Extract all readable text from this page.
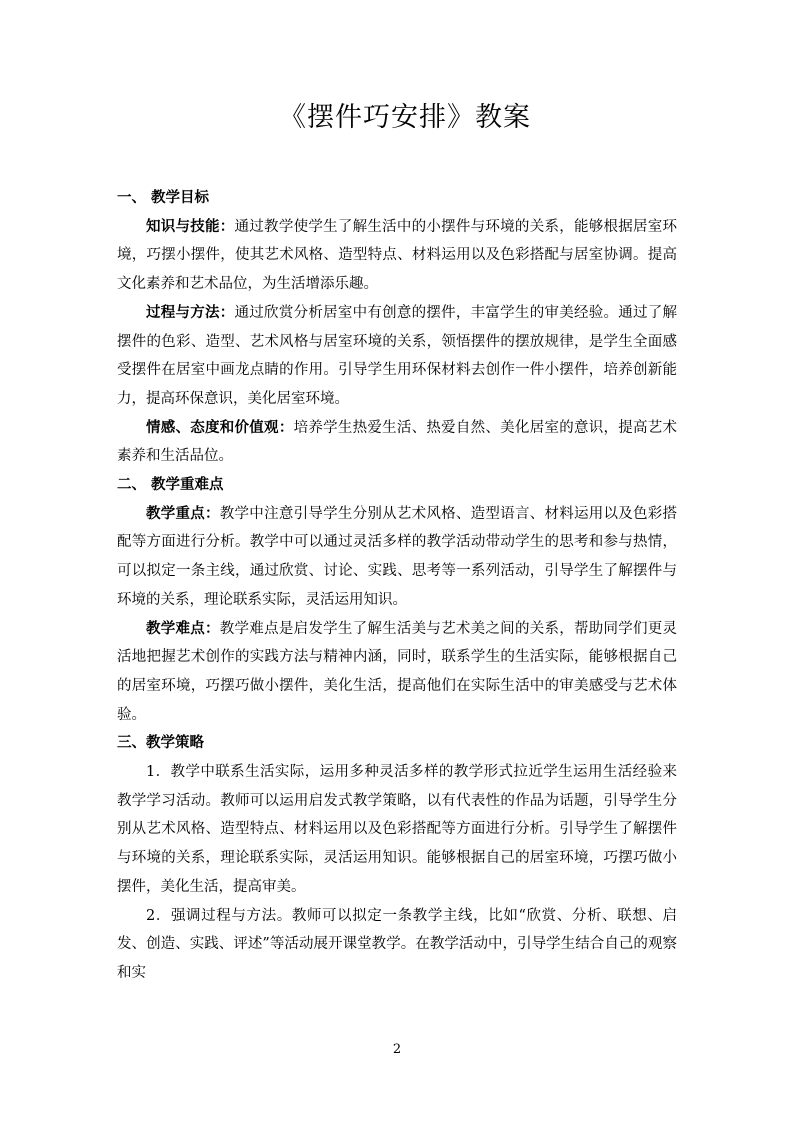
《摆件巧安排》教案
一、 教学目标
知识与技能：通过教学使学生了解生活中的小摆件与环境的关系，能够根据居室环境，巧摆小摆件，使其艺术风格、造型特点、材料运用以及色彩搭配与居室协调。提高文化素养和艺术品位，为生活增添乐趣。
过程与方法：通过欣赏分析居室中有创意的摆件，丰富学生的审美经验。通过了解摆件的色彩、造型、艺术风格与居室环境的关系，领悟摆件的摆放规律，是学生全面感受摆件在居室中画龙点睛的作用。引导学生用环保材料去创作一件小摆件，培养创新能力，提高环保意识，美化居室环境。
情感、态度和价值观：培养学生热爱生活、热爱自然、美化居室的意识，提高艺术素养和生活品位。
二、 教学重难点
教学重点：教学中注意引导学生分别从艺术风格、造型语言、材料运用以及色彩搭配等方面进行分析。教学中可以通过灵活多样的教学活动带动学生的思考和参与热情，可以拟定一条主线，通过欣赏、讨论、实践、思考等一系列活动，引导学生了解摆件与环境的关系，理论联系实际，灵活运用知识。
教学难点：教学难点是启发学生了解生活美与艺术美之间的关系，帮助同学们更灵活地把握艺术创作的实践方法与精神内涵，同时，联系学生的生活实际，能够根据自己的居室环境，巧摆巧做小摆件，美化生活，提高他们在实际生活中的审美感受与艺术体验。
三、教学策略
1．教学中联系生活实际，运用多种灵活多样的教学形式拉近学生运用生活经验来教学学习活动。教师可以运用启发式教学策略，以有代表性的作品为话题，引导学生分别从艺术风格、造型特点、材料运用以及色彩搭配等方面进行分析。引导学生了解摆件与环境的关系，理论联系实际，灵活运用知识。能够根据自己的居室环境，巧摆巧做小摆件，美化生活，提高审美。
2．强调过程与方法。教师可以拟定一条教学主线，比如“欣赏、分析、联想、启发、创造、实践、评述”等活动展开课堂教学。在教学活动中，引导学生结合自己的观察和实
2
